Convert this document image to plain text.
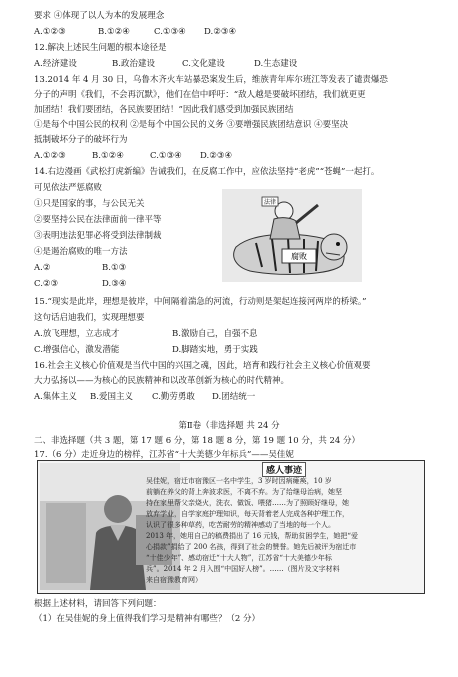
要求 ④体现了以人为本的发展理念
A.①②③	B.①②④	C.①③④ D.②③④
12.解决上述民生问题的根本途径是
A.经济建设	B.政治建设	C.文化建设	D.生态建设
13.2014 年 4 月 30 日，乌鲁木齐火车站暴恐案发生后，维族青年库尔班江等发表了谴责爆恐
分子的声明《我们，不会再沉默》，他们在信中呼吁：“敌人越是要破坏团结，我们就更更
加团结！我们要团结，各民族要团结！”因此我们感受到加强民族团结
①是每个中国公民的权利 ②是每个中国公民的义务 ③要增强民族团结意识 ④要坚决
抵制破坏分子的破坏行为
A.①②③	B.①②④	C.①③④ D.②③④
14.右边漫画《武松打虎新编》告诫我们，在反腐工作中，应依法坚持“老虎”“苍蝇”一起打。
可见依法严惩腐败
①只是国家的事，与公民无关
②要坚持公民在法律面前一律平等
③表明违法犯罪必将受到法律制裁
④是遏治腐败的唯一方法
A.②	B.①③
C.②③	D.③④
腐败
法律
15.“现实是此岸，理想是彼岸，中间隔着湍急的河流，行动则是架起连接河两岸的桥梁。”
这句话启迪我们，实现理想要
A.放飞理想，立志成才	B.激励自己，自强不息
C.增强信心，激发潜能	D.脚踏实地，勇于实践
16.社会主义核心价值观是当代中国的兴国之魂，因此，培育和践行社会主义核心价值观要
大力弘扬以——为核心的民族精神和以改革创新为核心的时代精神。
A.集体主义 B.爱国主义 C.勤劳勇敢 D.团结统一
第Ⅱ卷（非选择题 共 24 分
二、非选择题（共 3 题，第 17 题 6 分，第 18 题 8 分，第 19 题 10 分，共 24 分）
17.（6 分）走近身边的榜样，江苏省“十大美德少年标兵”——吴佳妮
感人事迹
吴佳妮，宿迁市宿豫区一名中学生，3 岁时因病瘫痪，10 岁
前躺在养父的背上奔波求医，不离不弃。为了给继母治病，她坚
持在家里帮父亲烧火，洗衣、做饭、喂猪……为了照顾好继母，她
放弃学业，自学家庭护理知识，每天背着老人完成各种护理工作，
认识了很多种草药，吃苦耐劳的精神感动了当地的每一个人。
2013 年，她用自己的稿费捐出了 16 元钱，帮助贫困学生，她把“爱
心捐款”捐给了 200 名孩，得到了社会的赞誉。她先后被评为宿迁市
“十佳少年”、感动宿迁“十大人物”，江苏省“十大美德少年标
兵”。2014 年 2 月入围“中国好人榜”。……（图片及文字材料
来自宿豫教育网）
根据上述材料，请回答下列问题：
（1）在吴佳妮的身上值得我们学习是精神有哪些？（2 分）
